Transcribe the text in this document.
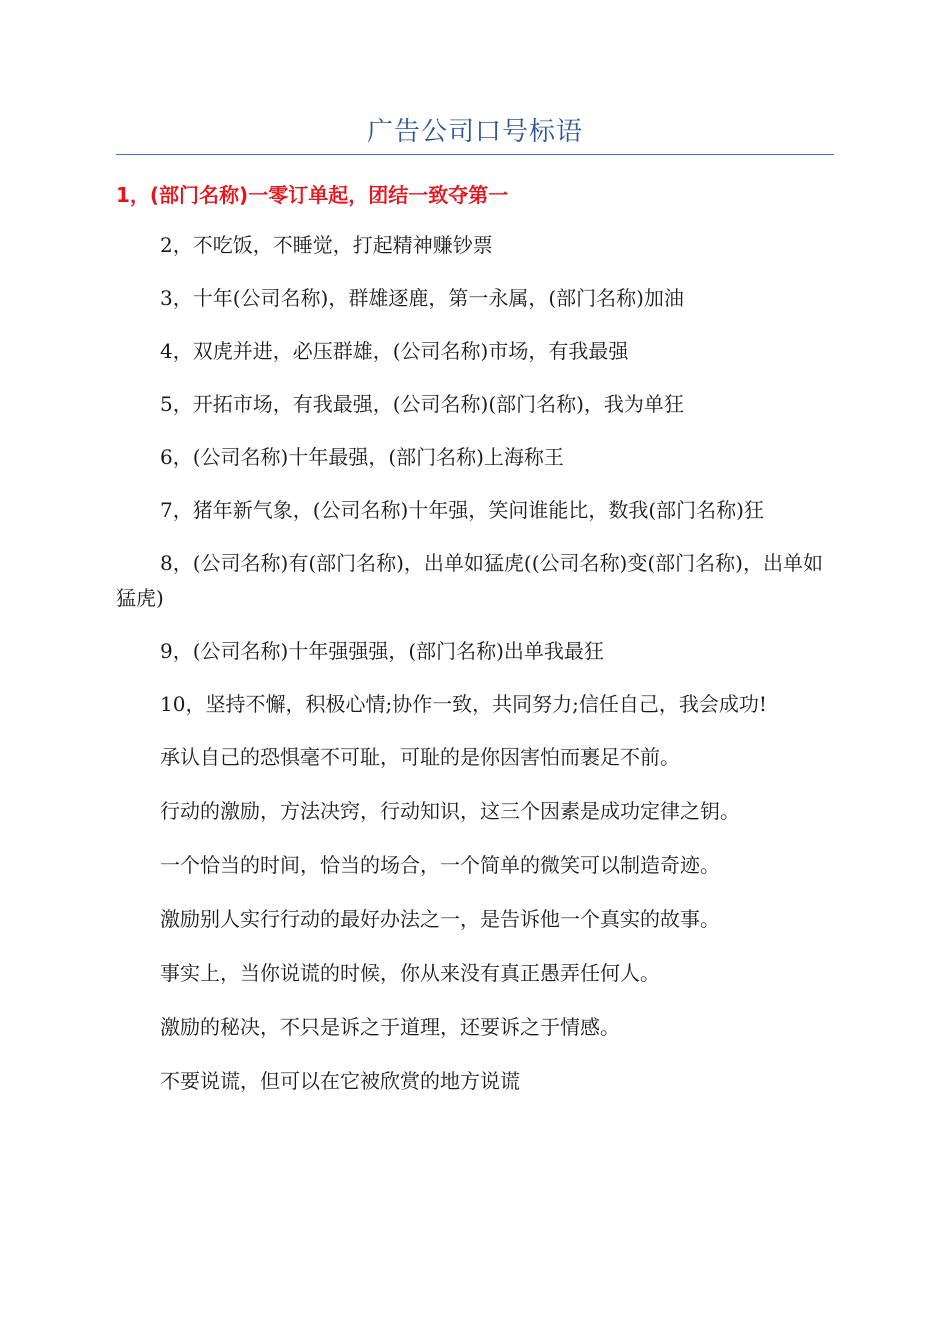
广告公司口号标语
1，(部门名称)一零订单起，团结一致夺第一

2，不吃饭，不睡觉，打起精神赚钞票

3，十年(公司名称)，群雄逐鹿，第一永属，(部门名称)加油

4，双虎并进，必压群雄，(公司名称)市场，有我最强

5，开拓市场，有我最强，(公司名称)(部门名称)，我为单狂

6，(公司名称)十年最强，(部门名称)上海称王

7，猪年新气象，(公司名称)十年强，笑问谁能比，数我(部门名称)狂

8，(公司名称)有(部门名称)，出单如猛虎((公司名称)变(部门名称)，出单如猛虎)

9，(公司名称)十年强强强，(部门名称)出单我最狂

10，坚持不懈，积极心情;协作一致，共同努力;信任自己，我会成功!

承认自己的恐惧毫不可耻，可耻的是你因害怕而裹足不前。

行动的激励，方法决窍，行动知识，这三个因素是成功定律之钥。

一个恰当的时间，恰当的场合，一个简单的微笑可以制造奇迹。

激励别人实行行动的最好办法之一，是告诉他一个真实的故事。

事实上，当你说谎的时候，你从来没有真正愚弄任何人。

激励的秘决，不只是诉之于道理，还要诉之于情感。

不要说谎，但可以在它被欣赏的地方说谎
